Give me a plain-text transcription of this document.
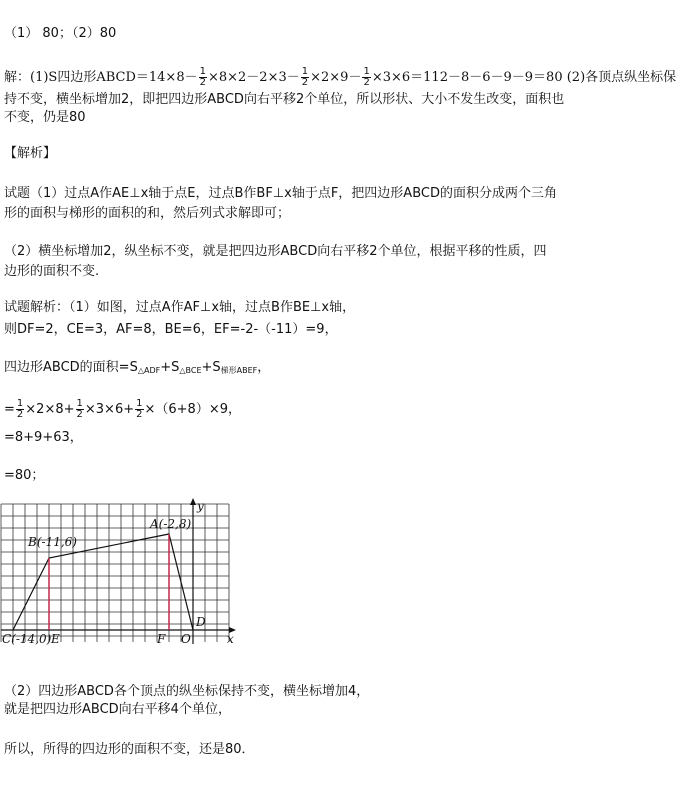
（1） 80；（2）80
解：(1)S四边形ABCD＝14×8－ $\frac{1}{2} \times 8\times 2-2\times 3- \frac{1}{2} \times 2\times 9- \frac{1}{2} \times 3\times 6=112-8-6-9-9=80$ (2)各顶点纵坐标保
持不变，横坐标增加2，即把四边形ABCD向右平移2个单位，所以形状、大小不发生改变，面积也
不变，仍是80
【解析】
试题（1）过点A作AE⊥x轴于点E，过点B作BF⊥x轴于点F，把四边形ABCD的面积分成两个三角
形的面积与梯形的面积的和，然后列式求解即可；
（2）横坐标增加2，纵坐标不变，就是把四边形ABCD向右平移2个单位，根据平移的性质，四
边形的面积不变.
试题解析：（1）如图，过点A作AF⊥x轴，过点B作BE⊥x轴，
则DF=2，CE=3，AF=8，BE=6，EF=-2-（-11）=9，
四边形ABCD的面积$=S_{\triangle ADF}+S_{\triangle BCE}+S_{梯形ABEF}$，
= $\frac{1}{2} \times 2\times 8+ \frac{1}{2} \times 3\times 6+ \frac{1}{2} \times(6+8)\times 9$，
=8+9+63，
=80；
A(-2,8)
B(-11,6)
C(-14,0) E	F O
D
x
y
（2）四边形ABCD各个顶点的纵坐标保持不变，横坐标增加4，
就是把四边形ABCD向右平移4个单位，
所以，所得的四边形的面积不变，还是80．
